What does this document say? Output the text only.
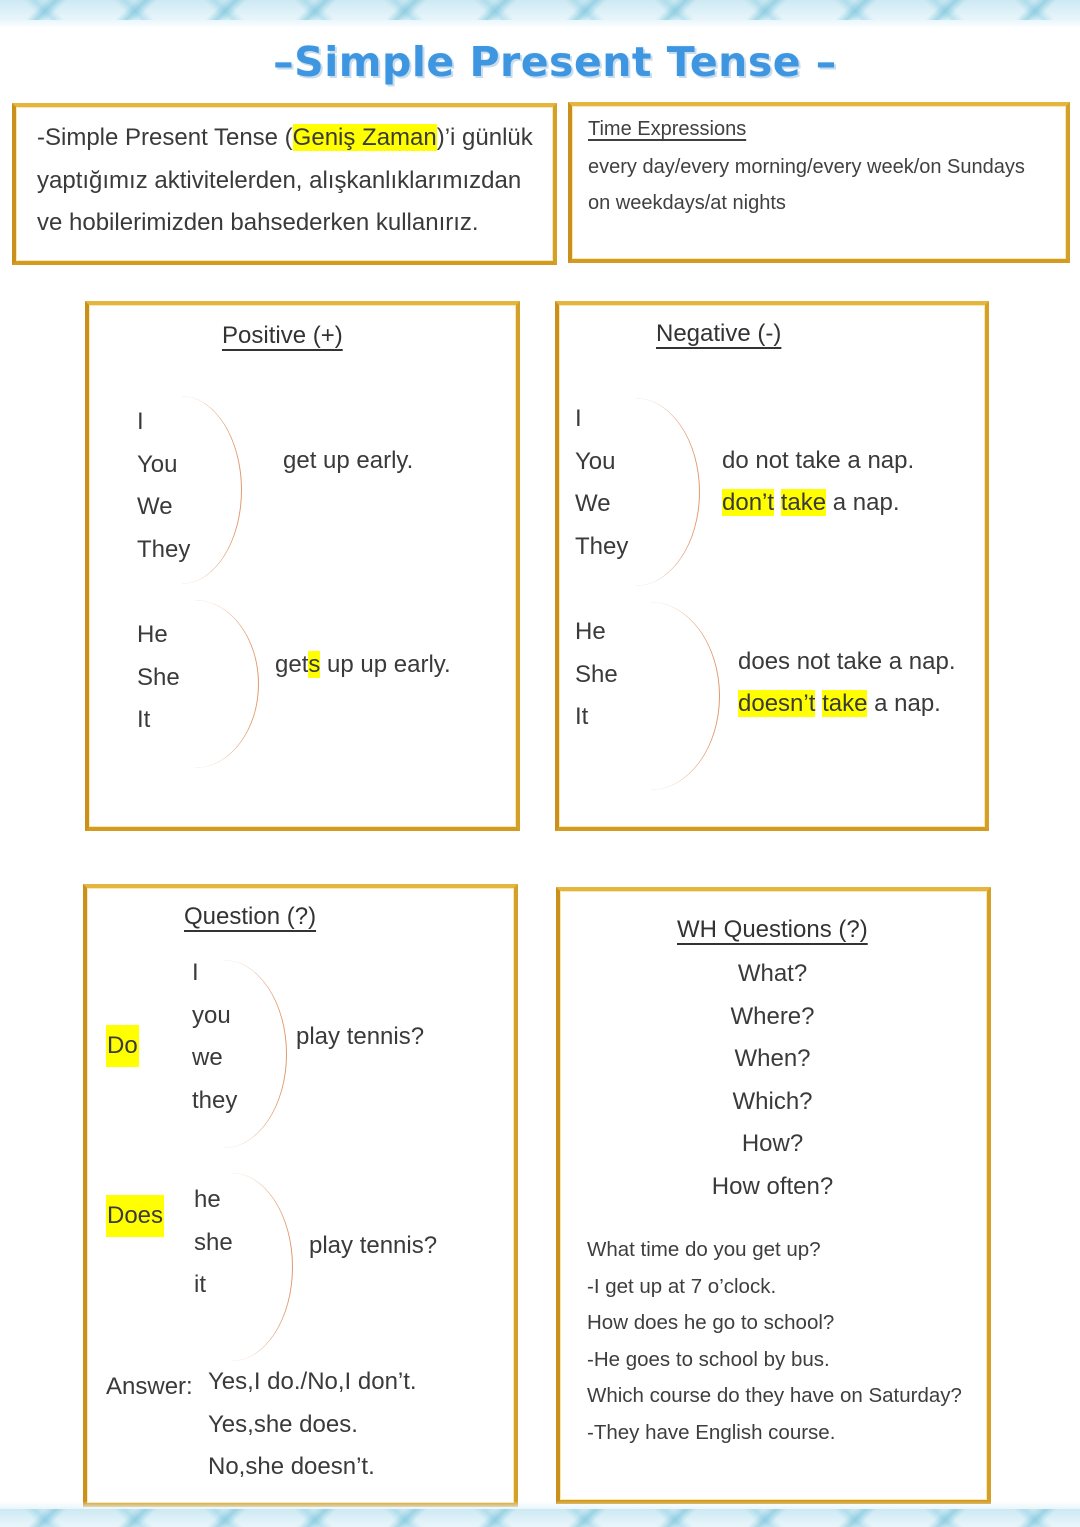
–Simple Present Tense –
-Simple Present Tense (Geniş Zaman)’i günlük
yaptığımız aktivitelerden, alışkanlıklarımızdan
ve hobilerimizden bahsederken kullanırız.
Time Expressions
every day/every morning/every week/on Sundays
on weekdays/at nights
Positive (+)
I
You
We
They
get up early.
He
She
It
gets up up early.
Negative (-)
I
You
We
They
do not take a nap.
don’t take a nap.
He
She
It
does not take a nap.
doesn’t take a nap.
Question (?)
Do
I
you
we
they
play tennis?
Does
he
she
it
play tennis?
Answer: Yes,I do./No,I don’t.
Yes,she does.
No,she doesn’t.
WH Questions (?)
What?
Where?
When?
Which?
How?
How often?
What time do you get up?
-I get up at 7 o’clock.
How does he go to school?
-He goes to school by bus.
Which course do they have on Saturday?
-They have English course.
